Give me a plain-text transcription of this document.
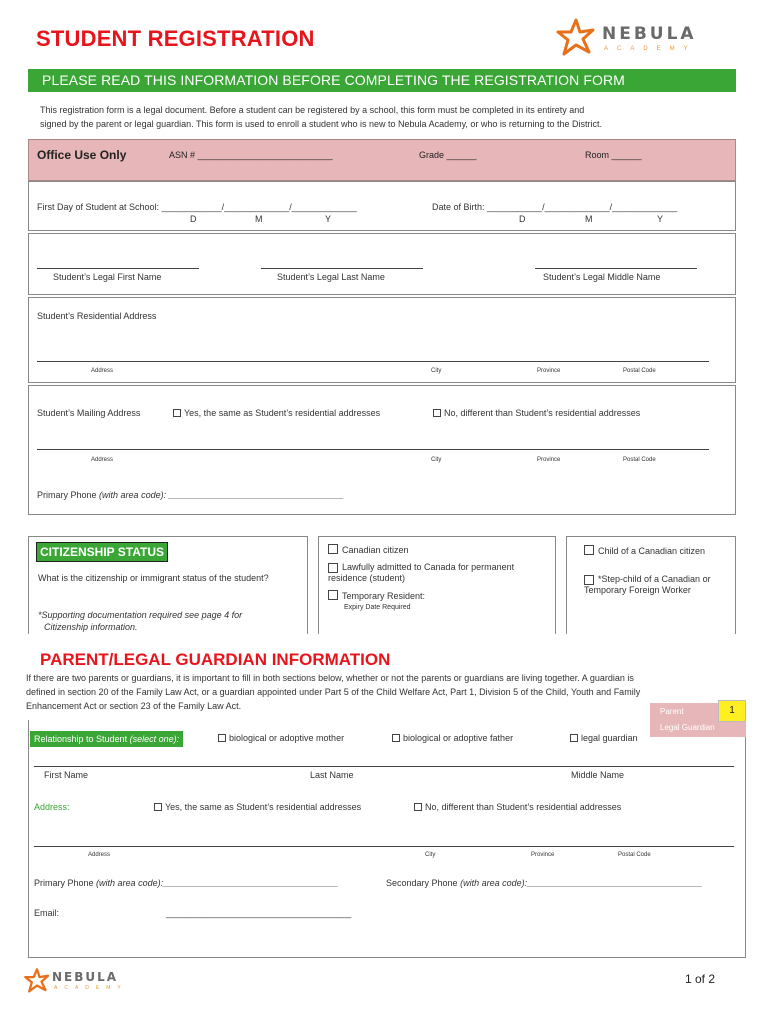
STUDENT REGISTRATION	NEBULA
ACADEMY
PLEASE READ THIS INFORMATION BEFORE COMPLETING THE REGISTRATION FORM
This registration form is a legal document. Before a student can be registered by a school, this form must be completed in its entirety and
signed by the parent or legal guardian. This form is used to enroll a student who is new to Nebula Academy, or who is returning to the District.
Office Use Only	ASN # ___________________________	Grade ______	Room ______
First Day of Student at School: ____________/_____________/_____________	Date of Birth: ___________/_____________/_____________
D	M	Y	D	M	Y
Student’s Legal First Name	Student’s Legal Last Name	Student’s Legal Middle Name
Student’s Residential Address
Address	City	Province	Postal Code
Student’s Mailing Address	Yes, the same as Student’s residential addresses	No, different than Student’s residential addresses
Address	City	Province	Postal Code
Primary Phone (with area code): ___________________________________
CITIZENSHIP STATUS
What is the citizenship or immigrant status of the student?
*Supporting documentation required see page 4 for
Citizenship information.
Canadian citizen
Lawfully admitted to Canada for permanent residence (student)
Temporary Resident:
Expiry Date Required
Child of a Canadian citizen
*Step-child of a Canadian or Temporary Foreign Worker
PARENT/LEGAL GUARDIAN INFORMATION
If there are two parents or guardians, it is important to fill in both sections below, whether or not the parents or guardians are living together. A guardian is
defined in section 20 of the Family Law Act, or a guardian appointed under Part 5 of the Child Welfare Act, Part 1, Division 5 of the Child, Youth and Family
Enhancement Act or section 23 of the Family Law Act.
Parent
Legal Guardian
1
Relationship to Student (select one):	biological or adoptive mother	biological or adoptive father	legal guardian
First Name	Last Name	Middle Name
Address:	Yes, the same as Student’s residential addresses	No, different than Student’s residential addresses
Address	City	Province	Postal Code
Primary Phone (with area code):___________________________________	Secondary Phone (with area code):___________________________________
Email:	_____________________________________
NEBULA
ACADEMY
1 of 2
